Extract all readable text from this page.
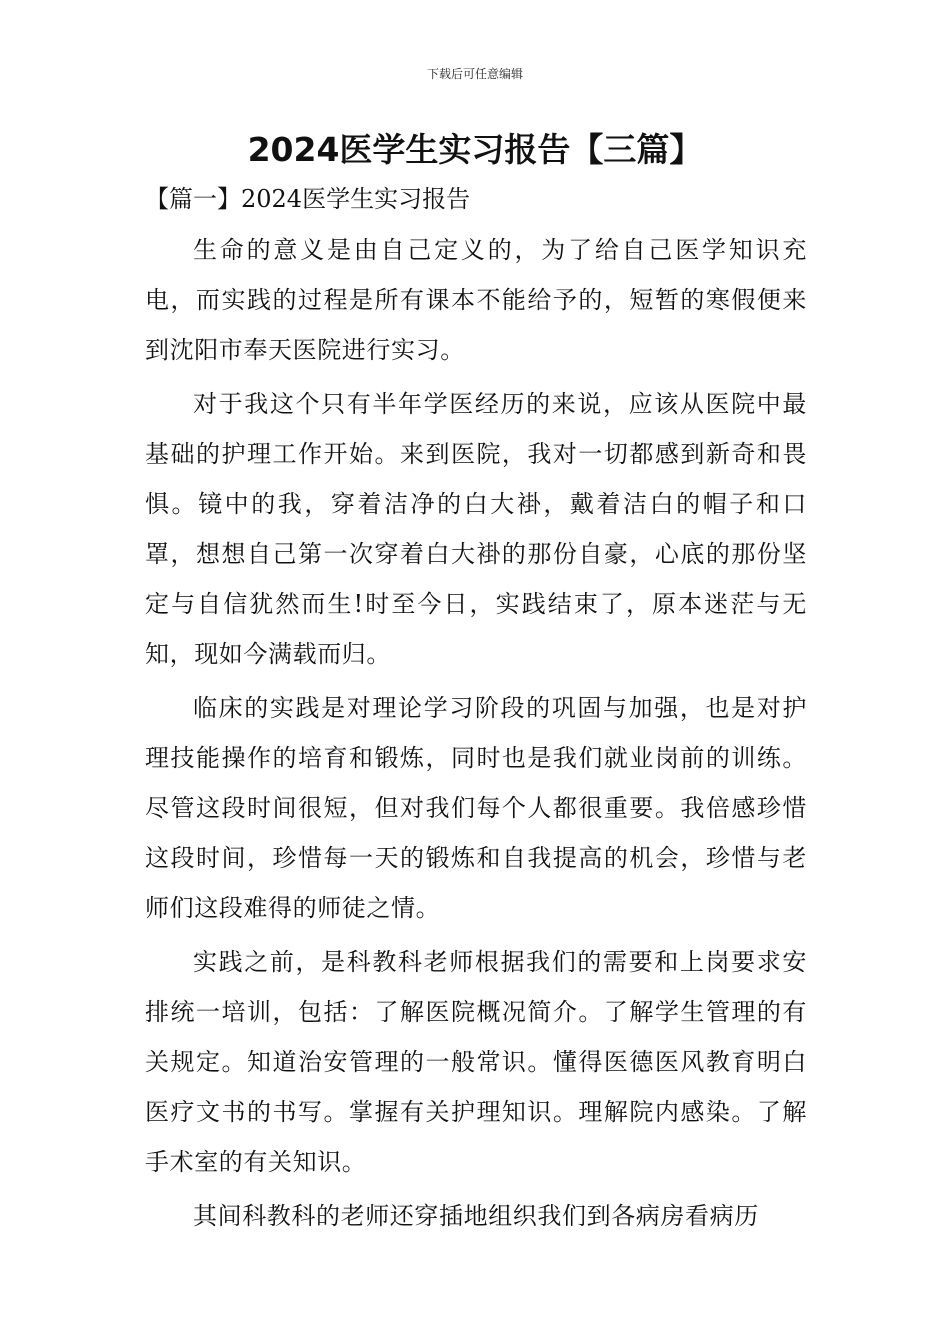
下载后可任意编辑
2024医学生实习报告【三篇】
【篇一】2024医学生实习报告

生命的意义是由自己定义的，为了给自己医学知识充电，而实践的过程是所有课本不能给予的，短暂的寒假便来到沈阳市奉天医院进行实习。

对于我这个只有半年学医经历的来说，应该从医院中最基础的护理工作开始。来到医院，我对一切都感到新奇和畏惧。镜中的我，穿着洁净的白大褂，戴着洁白的帽子和口罩，想想自己第一次穿着白大褂的那份自豪，心底的那份坚定与自信犹然而生!时至今日，实践结束了，原本迷茫与无知，现如今满载而归。

临床的实践是对理论学习阶段的巩固与加强，也是对护理技能操作的培育和锻炼，同时也是我们就业岗前的训练。尽管这段时间很短，但对我们每个人都很重要。我倍感珍惜这段时间，珍惜每一天的锻炼和自我提高的机会，珍惜与老师们这段难得的师徒之情。

实践之前，是科教科老师根据我们的需要和上岗要求安排统一培训，包括：了解医院概况简介。了解学生管理的有关规定。知道治安管理的一般常识。懂得医德医风教育明白医疗文书的书写。掌握有关护理知识。理解院内感染。了解手术室的有关知识。

其间科教科的老师还穿插地组织我们到各病房看病历
